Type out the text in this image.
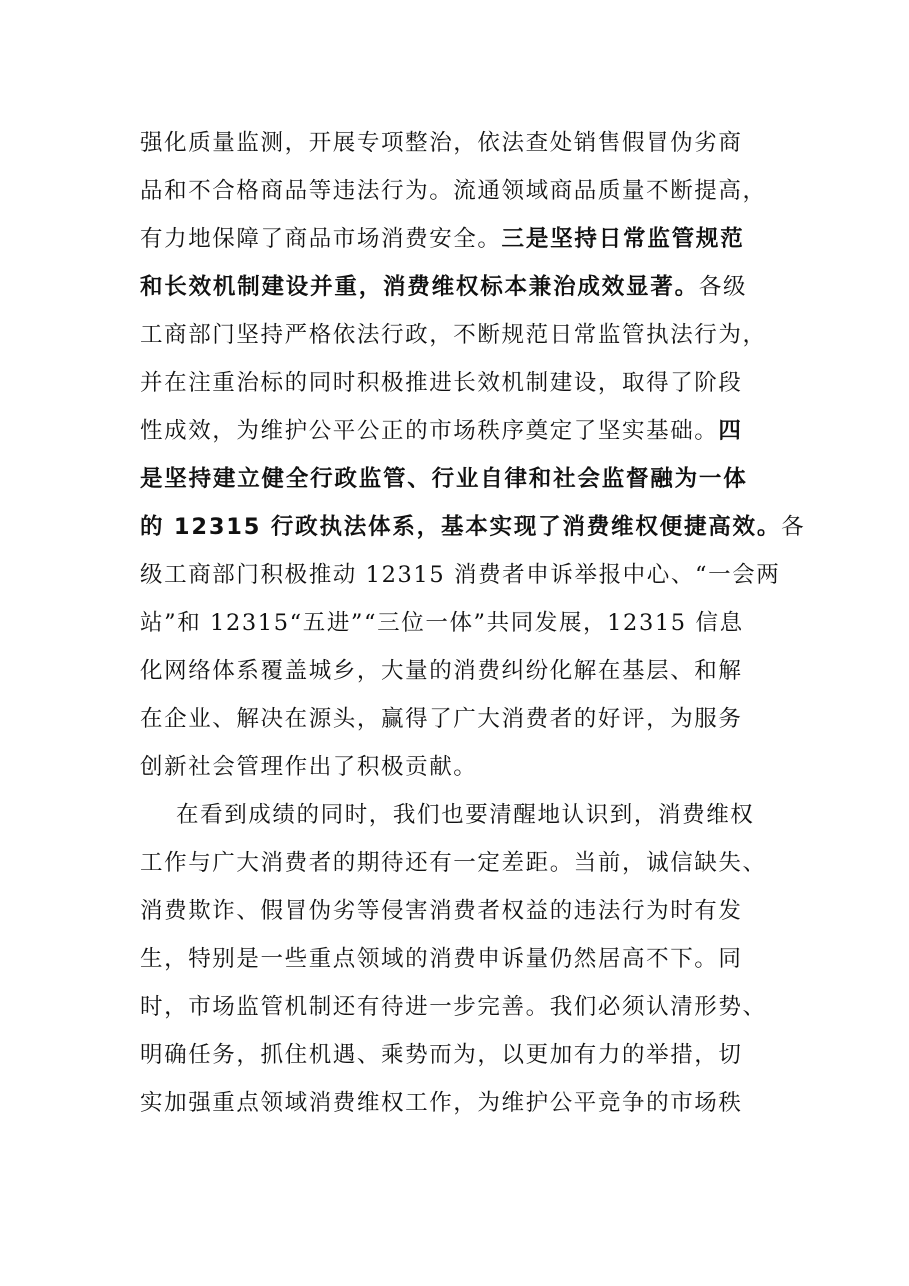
强化质量监测，开展专项整治，依法查处销售假冒伪劣商
品和不合格商品等违法行为。流通领域商品质量不断提高，
有力地保障了商品市场消费安全。三是坚持日常监管规范
和长效机制建设并重，消费维权标本兼治成效显著。各级
工商部门坚持严格依法行政，不断规范日常监管执法行为，
并在注重治标的同时积极推进长效机制建设，取得了阶段
性成效，为维护公平公正的市场秩序奠定了坚实基础。四
是坚持建立健全行政监管、行业自律和社会监督融为一体
的 12315 行政执法体系，基本实现了消费维权便捷高效。各
级工商部门积极推动 12315 消费者申诉举报中心、“一会两
站”和 12315“五进”“三位一体”共同发展，12315 信息
化网络体系覆盖城乡，大量的消费纠纷化解在基层、和解
在企业、解决在源头，赢得了广大消费者的好评，为服务
创新社会管理作出了积极贡献。
在看到成绩的同时，我们也要清醒地认识到，消费维权
工作与广大消费者的期待还有一定差距。当前，诚信缺失、
消费欺诈、假冒伪劣等侵害消费者权益的违法行为时有发
生，特别是一些重点领域的消费申诉量仍然居高不下。同
时，市场监管机制还有待进一步完善。我们必须认清形势、
明确任务，抓住机遇、乘势而为，以更加有力的举措，切
实加强重点领域消费维权工作，为维护公平竞争的市场秩
